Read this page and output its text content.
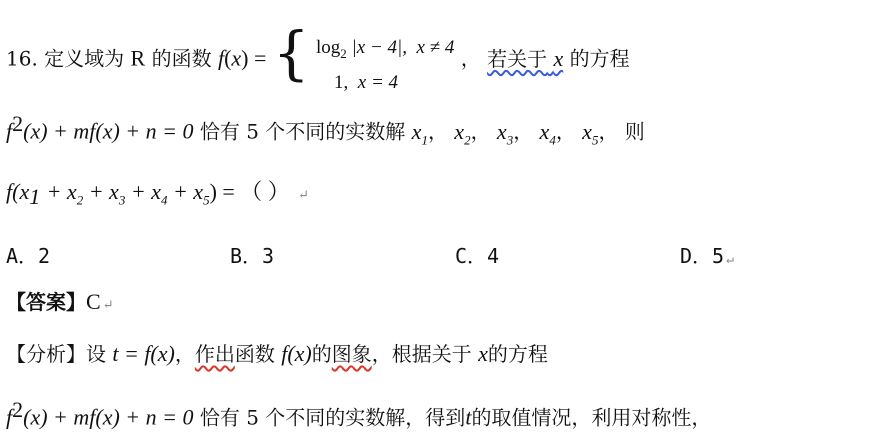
16. 定义域为 R 的函数 f(x) = { $\log_2 |x - 4|$, x ≠ 4
1, x = 4
， 若关于 x 的方程
$f^2(x) + mf(x) + n = 0$ 恰有 5 个不同的实数解 $x_1$， $x_2$， $x_3$， $x_4$， $x_5$， 则
$f(x_1 + x_2 + x_3 + x_4 + x_5)$ = （ ） ↵
A．2	B．3	C．4	D．5 ↵
【答案】C ↵
【分析】设 t = f(x)，作出函数 f(x)的图象，根据关于 x的方程
$f^2(x) + mf(x) + n = 0$ 恰有 5 个不同的实数解，得到t的取值情况，利用对称性，
